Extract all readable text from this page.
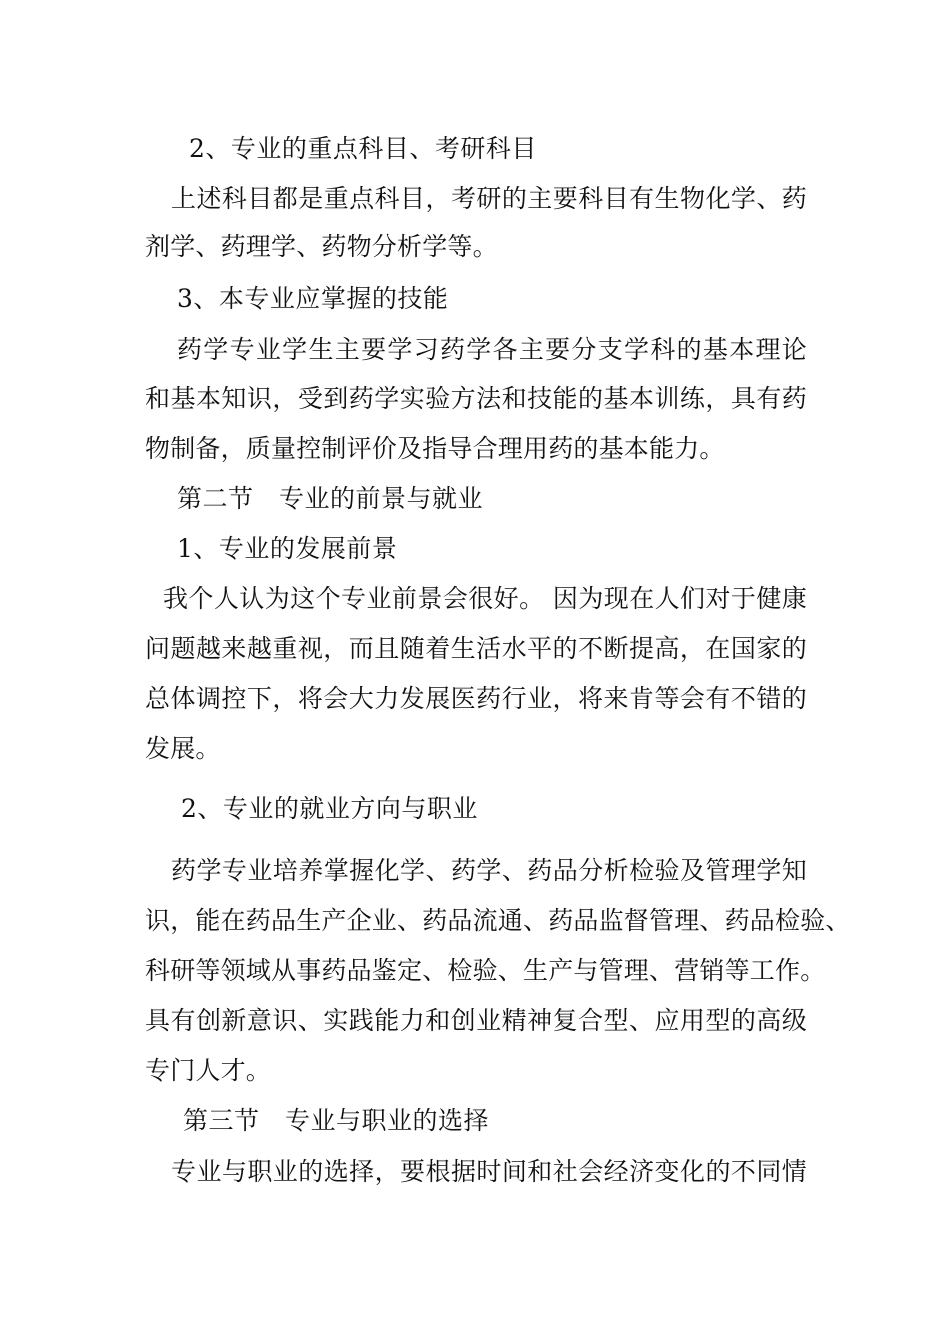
2、专业的重点科目、考研科目
上述科目都是重点科目，考研的主要科目有生物化学、药
剂学、药理学、药物分析学等。
3、本专业应掌握的技能
药学专业学生主要学习药学各主要分支学科的基本理论
和基本知识，受到药学实验方法和技能的基本训练，具有药
物制备，质量控制评价及指导合理用药的基本能力。
第二节　专业的前景与就业
1、专业的发展前景
我个人认为这个专业前景会很好。 因为现在人们对于健康
问题越来越重视，而且随着生活水平的不断提高，在国家的
总体调控下，将会大力发展医药行业，将来肯等会有不错的
发展。
2、专业的就业方向与职业
药学专业培养掌握化学、药学、药品分析检验及管理学知
识，能在药品生产企业、药品流通、药品监督管理、药品检验、
科研等领域从事药品鉴定、检验、生产与管理、营销等工作。
具有创新意识、实践能力和创业精神复合型、应用型的高级
专门人才。
第三节　专业与职业的选择
专业与职业的选择，要根据时间和社会经济变化的不同情
